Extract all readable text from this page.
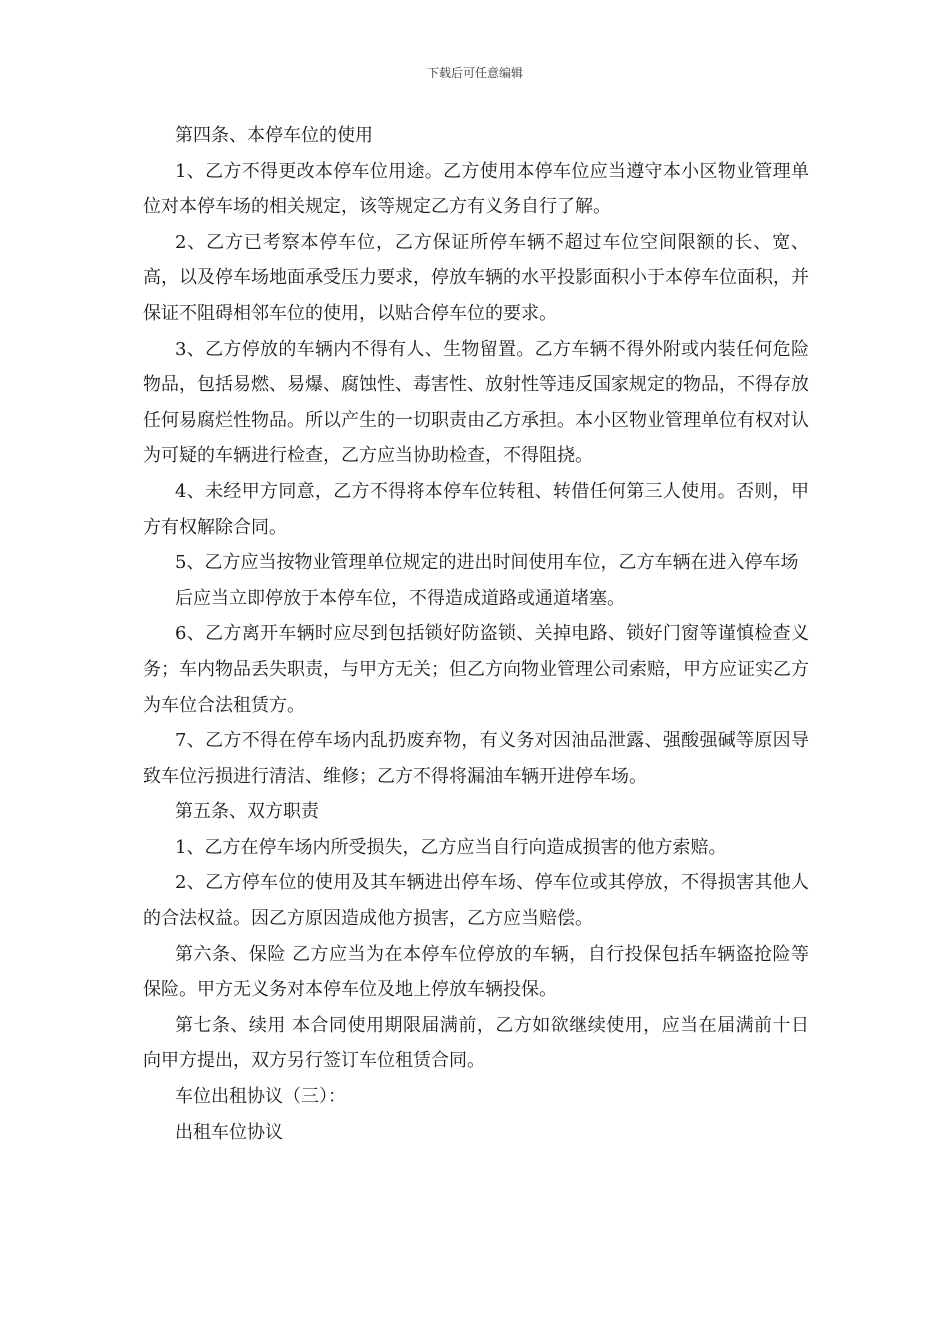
下载后可任意编辑

第四条、本停车位的使用

1、乙方不得更改本停车位用途。乙方使用本停车位应当遵守本小区物业管理单位对本停车场的相关规定，该等规定乙方有义务自行了解。

2、乙方已考察本停车位，乙方保证所停车辆不超过车位空间限额的长、宽、高，以及停车场地面承受压力要求，停放车辆的水平投影面积小于本停车位面积，并保证不阻碍相邻车位的使用，以贴合停车位的要求。

3、乙方停放的车辆内不得有人、生物留置。乙方车辆不得外附或内装任何危险物品，包括易燃、易爆、腐蚀性、毒害性、放射性等违反国家规定的物品，不得存放任何易腐烂性物品。所以产生的一切职责由乙方承担。本小区物业管理单位有权对认为可疑的车辆进行检查，乙方应当协助检查，不得阻挠。

4、未经甲方同意，乙方不得将本停车位转租、转借任何第三人使用。否则，甲方有权解除合同。

5、乙方应当按物业管理单位规定的进出时间使用车位，乙方车辆在进入停车场

后应当立即停放于本停车位，不得造成道路或通道堵塞。

6、乙方离开车辆时应尽到包括锁好防盗锁、关掉电路、锁好门窗等谨慎检查义务；车内物品丢失职责，与甲方无关；但乙方向物业管理公司索赔，甲方应证实乙方为车位合法租赁方。

7、乙方不得在停车场内乱扔废弃物，有义务对因油品泄露、强酸强碱等原因导致车位污损进行清洁、维修；乙方不得将漏油车辆开进停车场。

第五条、双方职责

1、乙方在停车场内所受损失，乙方应当自行向造成损害的他方索赔。

2、乙方停车位的使用及其车辆进出停车场、停车位或其停放，不得损害其他人的合法权益。因乙方原因造成他方损害，乙方应当赔偿。

第六条、保险 乙方应当为在本停车位停放的车辆，自行投保包括车辆盗抢险等保险。甲方无义务对本停车位及地上停放车辆投保。

第七条、续用 本合同使用期限届满前，乙方如欲继续使用，应当在届满前十日向甲方提出，双方另行签订车位租赁合同。

车位出租协议（三）：

出租车位协议
